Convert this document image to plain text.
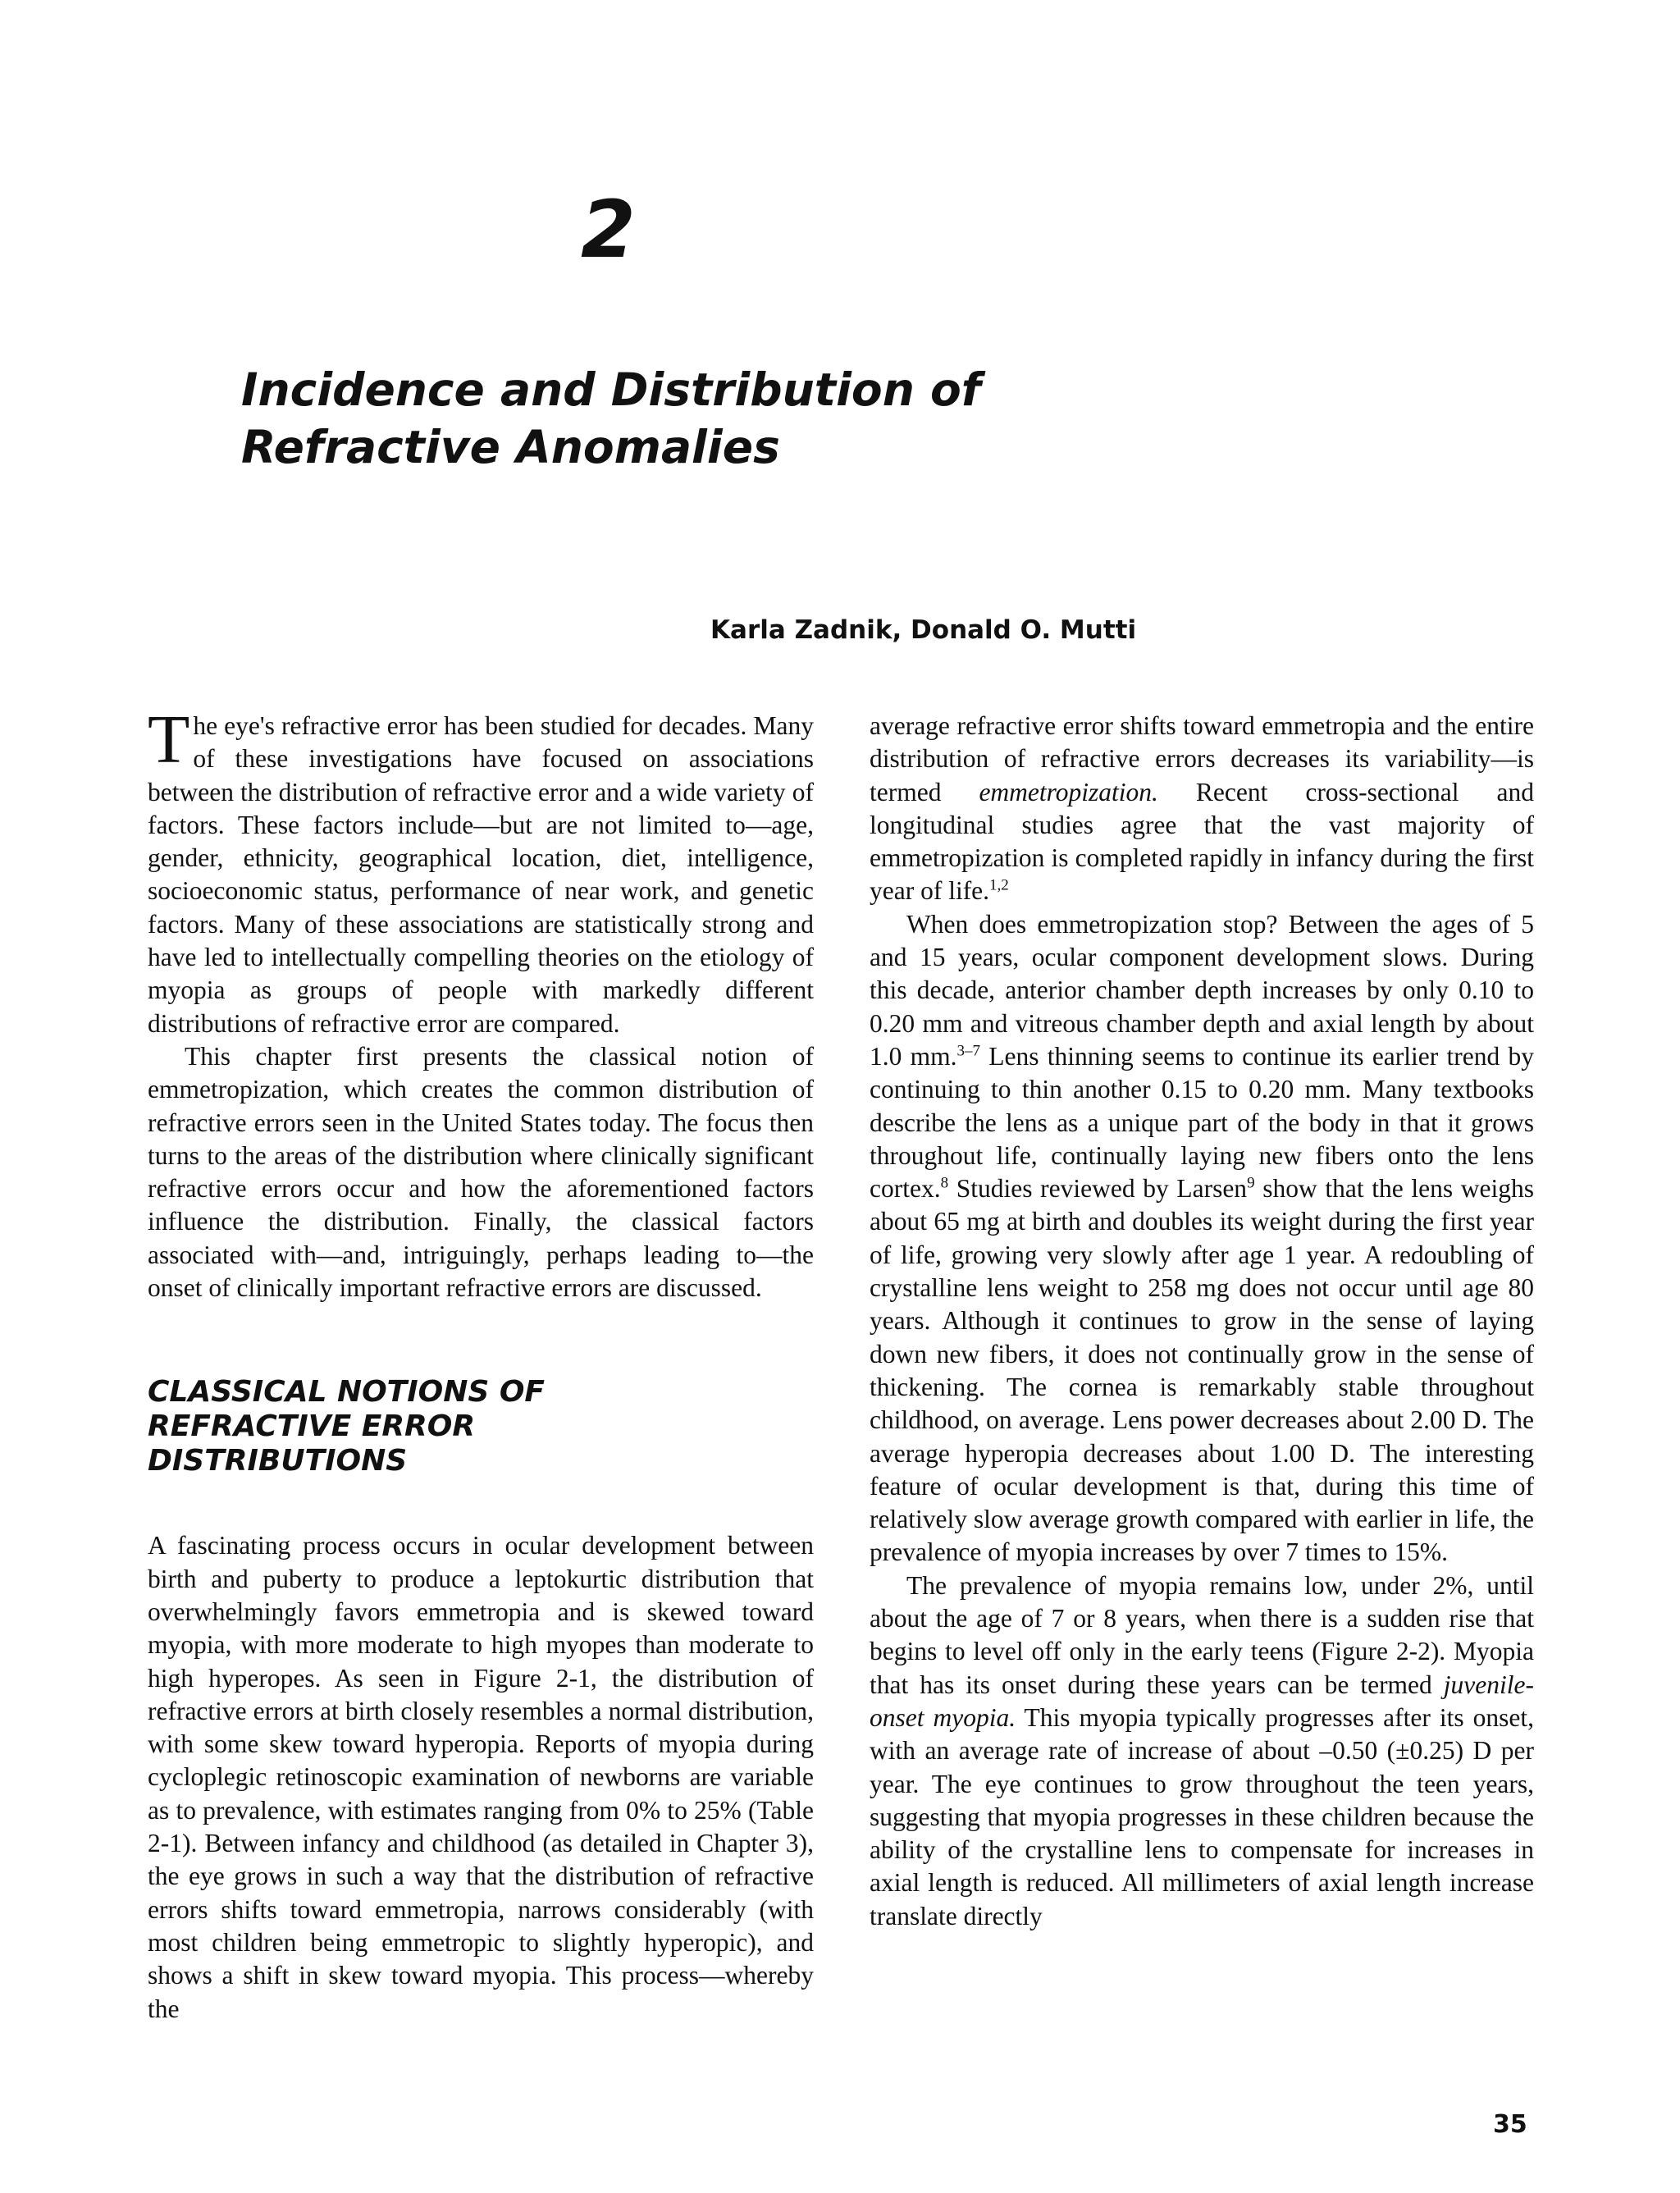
2
Incidence and Distribution of
Refractive Anomalies

Karla Zadnik, Donald O. Mutti

The eye's refractive error has been studied for decades. Many of these investigations have focused on associations between the distribution of refractive error and a wide variety of factors. These factors include—but are not limited to—age, gender, ethnicity, geographical location, diet, intelligence, socioeconomic status, performance of near work, and genetic factors. Many of these associations are statistically strong and have led to intellectually compelling theories on the etiology of myopia as groups of people with markedly different distributions of refractive error are compared.

This chapter first presents the classical notion of emmetropization, which creates the common distribution of refractive errors seen in the United States today. The focus then turns to the areas of the distribution where clinically significant refractive errors occur and how the aforementioned factors influence the distribution. Finally, the classical factors associated with—and, intriguingly, perhaps leading to—the onset of clinically important refractive errors are discussed.

CLASSICAL NOTIONS OF REFRACTIVE ERROR DISTRIBUTIONS

A fascinating process occurs in ocular development between birth and puberty to produce a leptokurtic distribution that overwhelmingly favors emmetropia and is skewed toward myopia, with more moderate to high myopes than moderate to high hyperopes. As seen in Figure 2-1, the distribution of refractive errors at birth closely resembles a normal distribution, with some skew toward hyperopia. Reports of myopia during cycloplegic retinoscopic examination of newborns are variable as to prevalence, with estimates ranging from 0% to 25% (Table 2-1). Between infancy and childhood (as detailed in Chapter 3), the eye grows in such a way that the distribution of refractive errors shifts toward emmetropia, narrows considerably (with most children being emmetropic to slightly hyperopic), and shows a shift in skew toward myopia. This process—whereby the

average refractive error shifts toward emmetropia and the entire distribution of refractive errors decreases its variability—is termed emmetropization. Recent cross-sectional and longitudinal studies agree that the vast majority of emmetropization is completed rapidly in infancy during the first year of life.$^{1,2}$

When does emmetropization stop? Between the ages of 5 and 15 years, ocular component development slows. During this decade, anterior chamber depth increases by only 0.10 to 0.20 mm and vitreous chamber depth and axial length by about 1.0 mm.$^{3-7}$ Lens thinning seems to continue its earlier trend by continuing to thin another 0.15 to 0.20 mm. Many textbooks describe the lens as a unique part of the body in that it grows throughout life, continually laying new fibers onto the lens cortex.$^8$ Studies reviewed by Larsen$^9$ show that the lens weighs about 65 mg at birth and doubles its weight during the first year of life, growing very slowly after age 1 year. A redoubling of crystalline lens weight to 258 mg does not occur until age 80 years. Although it continues to grow in the sense of laying down new fibers, it does not continually grow in the sense of thickening. The cornea is remarkably stable throughout childhood, on average. Lens power decreases about 2.00 D. The average hyperopia decreases about 1.00 D. The interesting feature of ocular development is that, during this time of relatively slow average growth compared with earlier in life, the prevalence of myopia increases by over 7 times to 15%.

The prevalence of myopia remains low, under 2%, until about the age of 7 or 8 years, when there is a sudden rise that begins to level off only in the early teens (Figure 2-2). Myopia that has its onset during these years can be termed juvenile-onset myopia. This myopia typically progresses after its onset, with an average rate of increase of about –0.50 (±0.25) D per year. The eye continues to grow throughout the teen years, suggesting that myopia progresses in these children because the ability of the crystalline lens to compensate for increases in axial length is reduced. All millimeters of axial length increase translate directly

35
